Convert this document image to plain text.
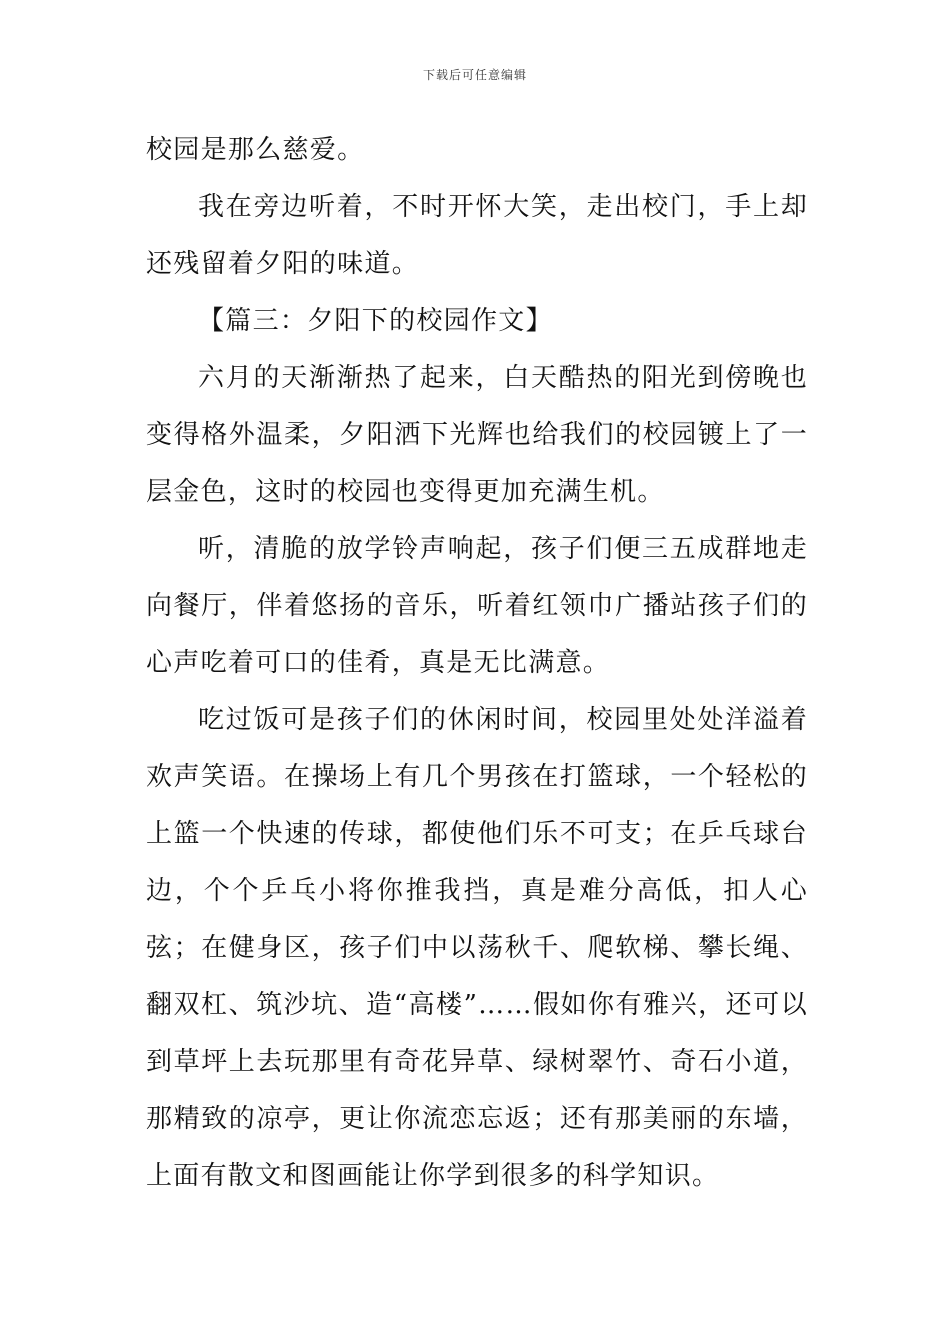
下载后可任意编辑

校园是那么慈爱。

我在旁边听着，不时开怀大笑，走出校门，手上却还残留着夕阳的味道。

【篇三：夕阳下的校园作文】

六月的天渐渐热了起来，白天酷热的阳光到傍晚也变得格外温柔，夕阳洒下光辉也给我们的校园镀上了一层金色，这时的校园也变得更加充满生机。

听，清脆的放学铃声响起，孩子们便三五成群地走向餐厅，伴着悠扬的音乐，听着红领巾广播站孩子们的心声吃着可口的佳肴，真是无比满意。

吃过饭可是孩子们的休闲时间，校园里处处洋溢着欢声笑语。在操场上有几个男孩在打篮球，一个轻松的上篮一个快速的传球，都使他们乐不可支；在乒乓球台边，个个乒乓小将你推我挡，真是难分高低，扣人心弦；在健身区，孩子们中以荡秋千、爬软梯、攀长绳、翻双杠、筑沙坑、造“高楼”……假如你有雅兴，还可以到草坪上去玩那里有奇花异草、绿树翠竹、奇石小道，那精致的凉亭，更让你流恋忘返；还有那美丽的东墙，上面有散文和图画能让你学到很多的科学知识。
